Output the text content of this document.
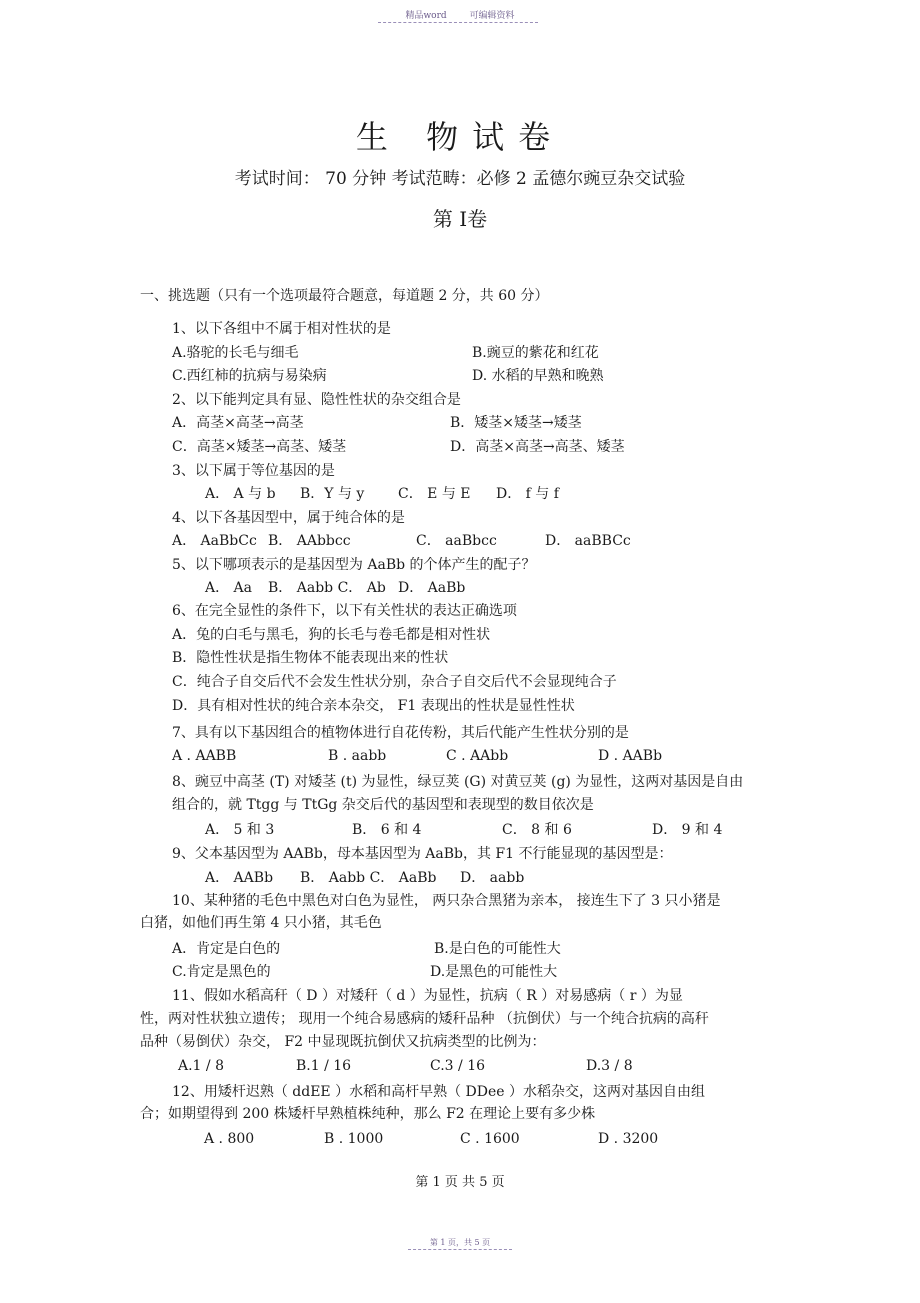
精品word	可编辑资料
生 物试卷
考试时间： 70 分钟 考试范畴：必修 2 孟德尔豌豆杂交试验
第 Ⅰ卷
一、挑选题（只有一个选项最符合题意，每道题 2 分，共 60 分）
1、以下各组中不属于相对性状的是
A.骆驼的长毛与细毛	B.豌豆的紫花和红花
C.西红柿的抗病与易染病	D. 水稻的早熟和晚熟
2、以下能判定具有显、隐性性状的杂交组合是
A．高茎×高茎→高茎	B．矮茎×矮茎→矮茎
C．高茎×矮茎→高茎、矮茎	D．高茎×高茎→高茎、矮茎
3、以下属于等位基因的是
A． A 与 b B．Y 与 y C． E 与 E D． f 与 f
4、以下各基因型中，属于纯合体的是
A． AaBbCc B． AAbbcc	C． aaBbcc	D． aaBBCc
5、以下哪项表示的是基因型为 AaBb 的个体产生的配子？
A． Aa B． Aabb C． Ab D． AaBb
6、在完全显性的条件下，以下有关性状的表达正确选项
A．兔的白毛与黑毛，狗的长毛与卷毛都是相对性状
B．隐性性状是指生物体不能表现出来的性状
C．纯合子自交后代不会发生性状分别，杂合子自交后代不会显现纯合子
D．具有相对性状的纯合亲本杂交， F1 表现出的性状是显性性状
7、具有以下基因组合的植物体进行自花传粉，其后代能产生性状分别的是
A . AABB	B . aabb	C . AAbb	D . AABb
8、豌豆中高茎 (T) 对矮茎 (t) 为显性，绿豆荚 (G) 对黄豆荚 (g) 为显性，这两对基因是自由
组合的，就 Ttgg 与 TtGg 杂交后代的基因型和表现型的数目依次是
A． 5 和 3	B． 6 和 4	C． 8 和 6	D． 9 和 4
9、父本基因型为 AABb，母本基因型为 AaBb，其 F1 不行能显现的基因型是：
A． AABb B． Aabb C． AaBb D． aabb
10、某种猪的毛色中黑色对白色为显性， 两只杂合黑猪为亲本， 接连生下了 3 只小猪是
白猪，如他们再生第 4 只小猪，其毛色
A．肯定是白色的	B.是白色的可能性大
C.肯定是黑色的	D.是黑色的可能性大
11、假如水稻高秆（ D ）对矮秆（ d ）为显性，抗病（ R ）对易感病（ r ）为显
性，两对性状独立遗传； 现用一个纯合易感病的矮秆品种 （抗倒伏）与一个纯合抗病的高秆
品种（易倒伏）杂交， F2 中显现既抗倒伏又抗病类型的比例为：
A.1 / 8	B.1 / 16	C.3 / 16	D.3 / 8
12、用矮杆迟熟（ ddEE ）水稻和高杆早熟（ DDee ）水稻杂交，这两对基因自由组
合；如期望得到 200 株矮杆早熟植株纯种，那么 F2 在理论上要有多少株
A . 800	B . 1000	C . 1600	D . 3200
第 1 页 共 5 页
第 1 页，共 5 页
